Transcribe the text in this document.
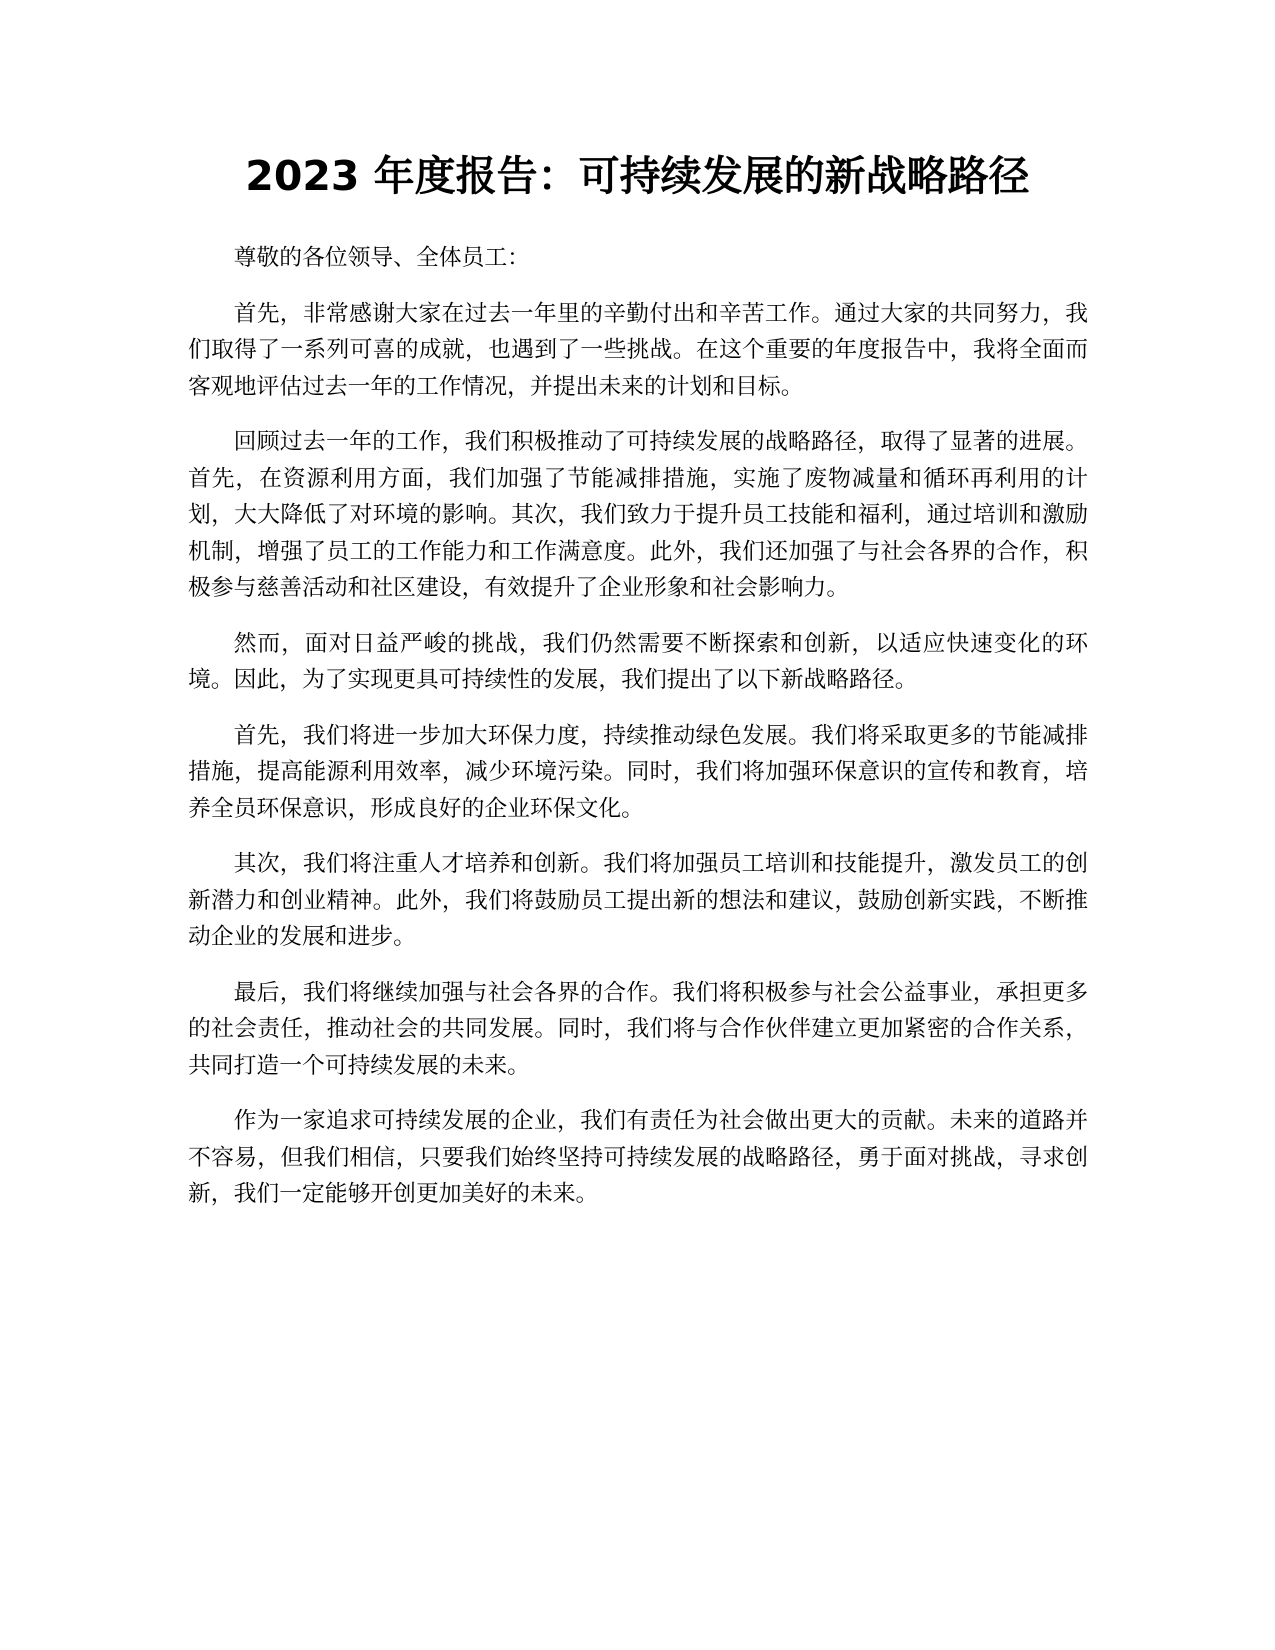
2023 年度报告：可持续发展的新战略路径

尊敬的各位领导、全体员工：

首先，非常感谢大家在过去一年里的辛勤付出和辛苦工作。通过大家的共同努力，我们取得了一系列可喜的成就，也遇到了一些挑战。在这个重要的年度报告中，我将全面而客观地评估过去一年的工作情况，并提出未来的计划和目标。

回顾过去一年的工作，我们积极推动了可持续发展的战略路径，取得了显著的进展。首先，在资源利用方面，我们加强了节能减排措施，实施了废物减量和循环再利用的计划，大大降低了对环境的影响。其次，我们致力于提升员工技能和福利，通过培训和激励机制，增强了员工的工作能力和工作满意度。此外，我们还加强了与社会各界的合作，积极参与慈善活动和社区建设，有效提升了企业形象和社会影响力。

然而，面对日益严峻的挑战，我们仍然需要不断探索和创新，以适应快速变化的环境。因此，为了实现更具可持续性的发展，我们提出了以下新战略路径。

首先，我们将进一步加大环保力度，持续推动绿色发展。我们将采取更多的节能减排措施，提高能源利用效率，减少环境污染。同时，我们将加强环保意识的宣传和教育，培养全员环保意识，形成良好的企业环保文化。

其次，我们将注重人才培养和创新。我们将加强员工培训和技能提升，激发员工的创新潜力和创业精神。此外，我们将鼓励员工提出新的想法和建议，鼓励创新实践，不断推动企业的发展和进步。

最后，我们将继续加强与社会各界的合作。我们将积极参与社会公益事业，承担更多的社会责任，推动社会的共同发展。同时，我们将与合作伙伴建立更加紧密的合作关系，共同打造一个可持续发展的未来。

作为一家追求可持续发展的企业，我们有责任为社会做出更大的贡献。未来的道路并不容易，但我们相信，只要我们始终坚持可持续发展的战略路径，勇于面对挑战，寻求创新，我们一定能够开创更加美好的未来。
